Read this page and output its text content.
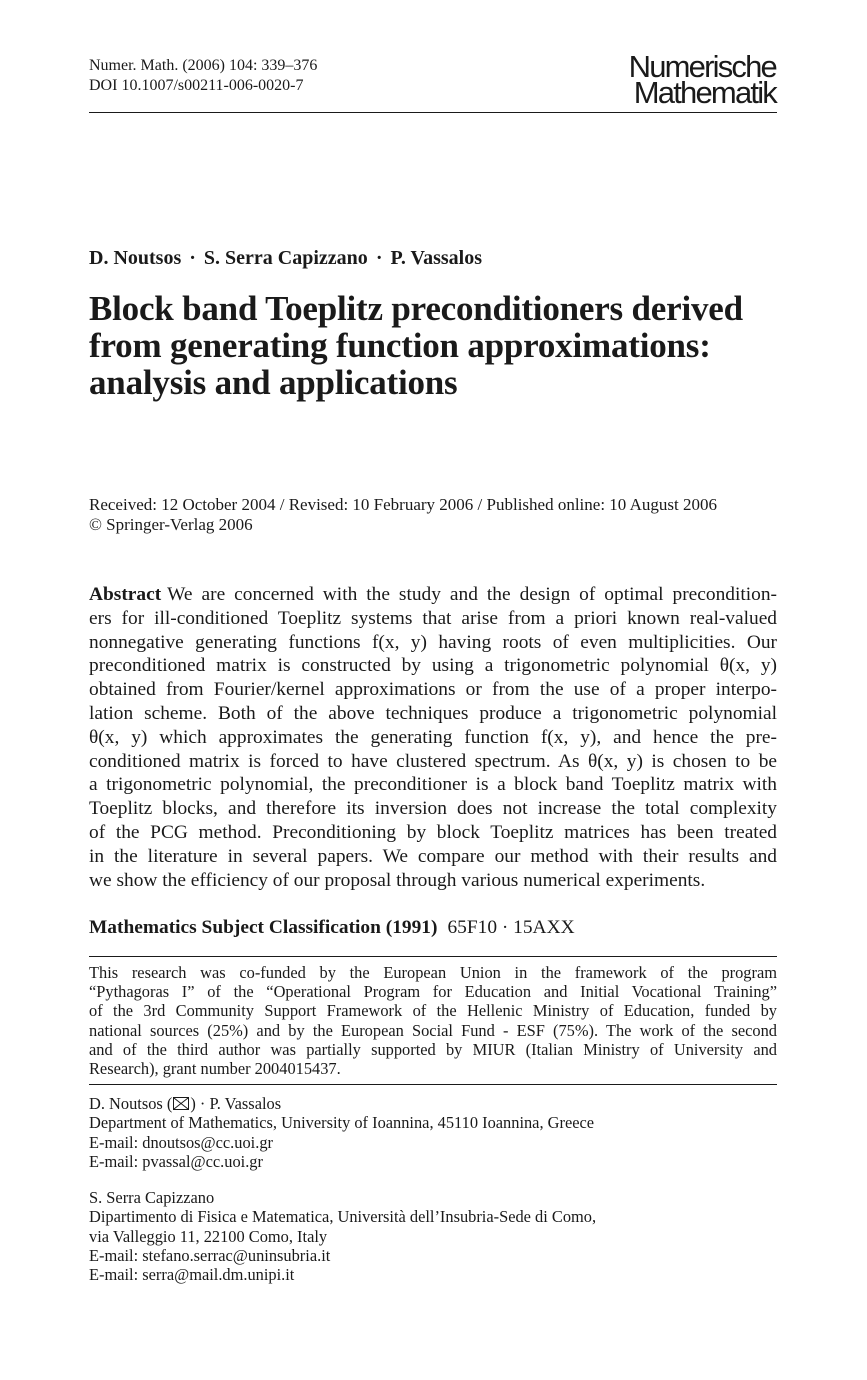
Numer. Math. (2006) 104: 339–376
DOI 10.1007/s00211-006-0020-7
Numerische
Mathematik
D. Noutsos · S. Serra Capizzano · P. Vassalos
Block band Toeplitz preconditioners derived
from generating function approximations:
analysis and applications
Received: 12 October 2004 / Revised: 10 February 2006 / Published online: 10 August 2006
© Springer-Verlag 2006
Abstract We are concerned with the study and the design of optimal precondition-
ers for ill-conditioned Toeplitz systems that arise from a priori known real-valued
nonnegative generating functions f(x, y) having roots of even multiplicities. Our
preconditioned matrix is constructed by using a trigonometric polynomial θ(x, y)
obtained from Fourier/kernel approximations or from the use of a proper interpo-
lation scheme. Both of the above techniques produce a trigonometric polynomial
θ(x, y) which approximates the generating function f(x, y), and hence the pre-
conditioned matrix is forced to have clustered spectrum. As θ(x, y) is chosen to be
a trigonometric polynomial, the preconditioner is a block band Toeplitz matrix with
Toeplitz blocks, and therefore its inversion does not increase the total complexity
of the PCG method. Preconditioning by block Toeplitz matrices has been treated
in the literature in several papers. We compare our method with their results and
we show the efficiency of our proposal through various numerical experiments.
Mathematics Subject Classification (1991) 65F10 · 15AXX
This research was co-funded by the European Union in the framework of the program
“Pythagoras I” of the “Operational Program for Education and Initial Vocational Training”
of the 3rd Community Support Framework of the Hellenic Ministry of Education, funded by
national sources (25%) and by the European Social Fund - ESF (75%). The work of the second
and of the third author was partially supported by MIUR (Italian Ministry of University and
Research), grant number 2004015437.
D. Noutsos ( ) · P. Vassalos
Department of Mathematics, University of Ioannina, 45110 Ioannina, Greece
E-mail: dnoutsos@cc.uoi.gr
E-mail: pvassal@cc.uoi.gr
S. Serra Capizzano
Dipartimento di Fisica e Matematica, Università dell’Insubria-Sede di Como,
via Valleggio 11, 22100 Como, Italy
E-mail: stefano.serrac@uninsubria.it
E-mail: serra@mail.dm.unipi.it
